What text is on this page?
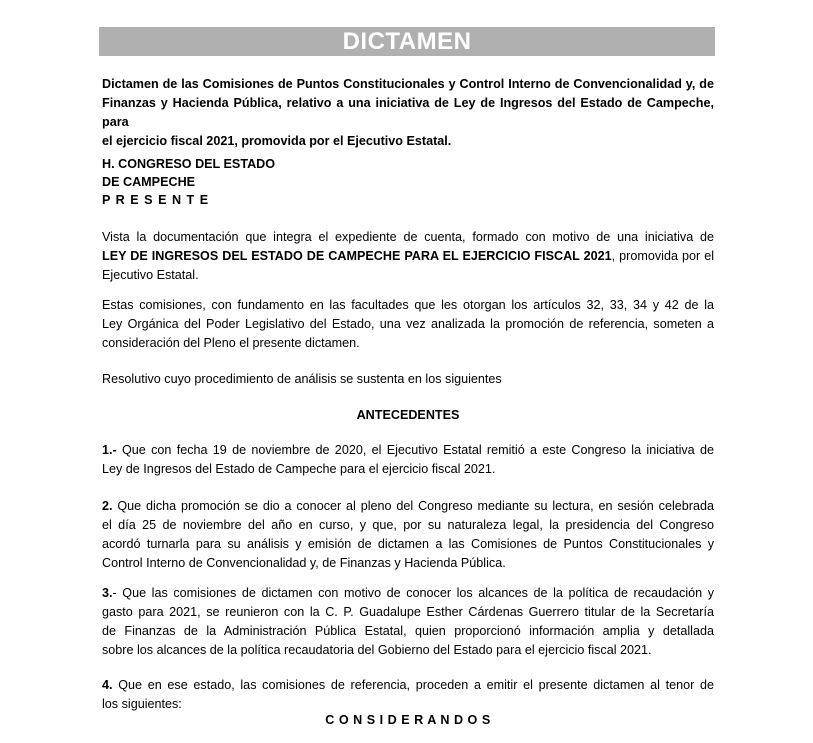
DICTAMEN
Dictamen de las Comisiones de Puntos Constitucionales y Control Interno de Convencionalidad y, de
Finanzas y Hacienda Pública, relativo a una iniciativa de Ley de Ingresos del Estado de Campeche, para
el ejercicio fiscal 2021, promovida por el Ejecutivo Estatal.
H. CONGRESO DEL ESTADO
DE CAMPECHE
P R E S E N T E
Vista la documentación que integra el expediente de cuenta, formado con motivo de una iniciativa de
LEY DE INGRESOS DEL ESTADO DE CAMPECHE PARA EL EJERCICIO FISCAL 2021, promovida por el
Ejecutivo Estatal.
Estas comisiones, con fundamento en las facultades que les otorgan los artículos 32, 33, 34 y 42 de la
Ley Orgánica del Poder Legislativo del Estado, una vez analizada la promoción de referencia, someten a
consideración del Pleno el presente dictamen.
Resolutivo cuyo procedimiento de análisis se sustenta en los siguientes
ANTECEDENTES
1.- Que con fecha 19 de noviembre de 2020, el Ejecutivo Estatal remitió a este Congreso la iniciativa de
Ley de Ingresos del Estado de Campeche para el ejercicio fiscal 2021.
2. Que dicha promoción se dio a conocer al pleno del Congreso mediante su lectura, en sesión celebrada
el día 25 de noviembre del año en curso, y que, por su naturaleza legal, la presidencia del Congreso
acordó turnarla para su análisis y emisión de dictamen a las Comisiones de Puntos Constitucionales y
Control Interno de Convencionalidad y, de Finanzas y Hacienda Pública.
3.- Que las comisiones de dictamen con motivo de conocer los alcances de la política de recaudación y
gasto para 2021, se reunieron con la C. P. Guadalupe Esther Cárdenas Guerrero titular de la Secretaría
de Finanzas de la Administración Pública Estatal, quien proporcionó información amplia y detallada
sobre los alcances de la política recaudatoria del Gobierno del Estado para el ejercicio fiscal 2021.
4. Que en ese estado, las comisiones de referencia, proceden a emitir el presente dictamen al tenor de
los siguientes:
C O N S I D E R A N D O S
